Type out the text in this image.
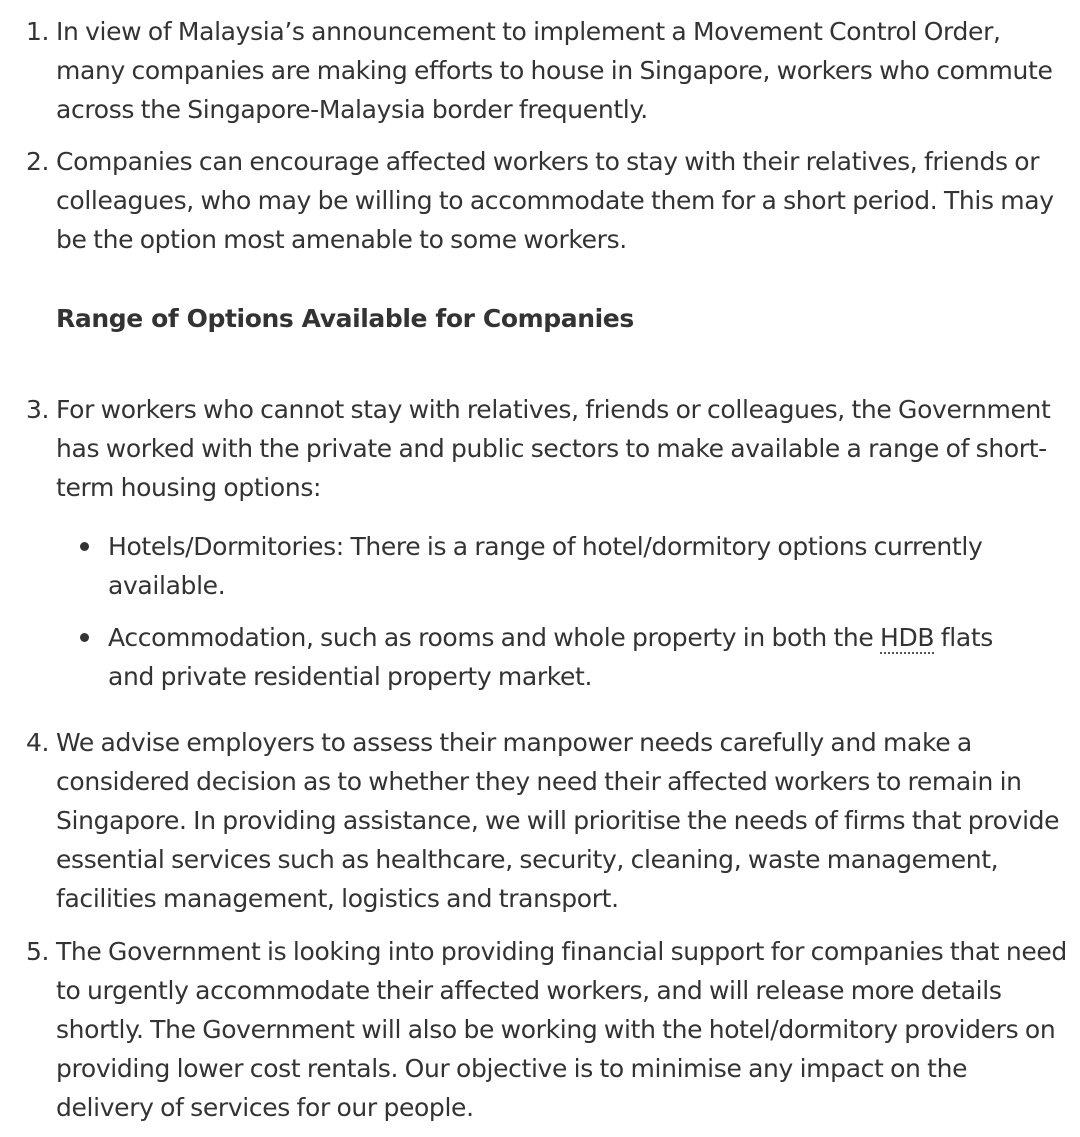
1. In view of Malaysia’s announcement to implement a Movement Control Order, many companies are making efforts to house in Singapore, workers who commute across the Singapore-Malaysia border frequently.
2. Companies can encourage affected workers to stay with their relatives, friends or colleagues, who may be willing to accommodate them for a short period. This may be the option most amenable to some workers.
Range of Options Available for Companies
3. For workers who cannot stay with relatives, friends or colleagues, the Government has worked with the private and public sectors to make available a range of short-term housing options:
Hotels/Dormitories: There is a range of hotel/dormitory options currently available.
Accommodation, such as rooms and whole property in both the HDB flats and private residential property market.
4. We advise employers to assess their manpower needs carefully and make a considered decision as to whether they need their affected workers to remain in Singapore. In providing assistance, we will prioritise the needs of firms that provide essential services such as healthcare, security, cleaning, waste management, facilities management, logistics and transport.
5. The Government is looking into providing financial support for companies that need to urgently accommodate their affected workers, and will release more details shortly. The Government will also be working with the hotel/dormitory providers on providing lower cost rentals. Our objective is to minimise any impact on the delivery of services for our people.
